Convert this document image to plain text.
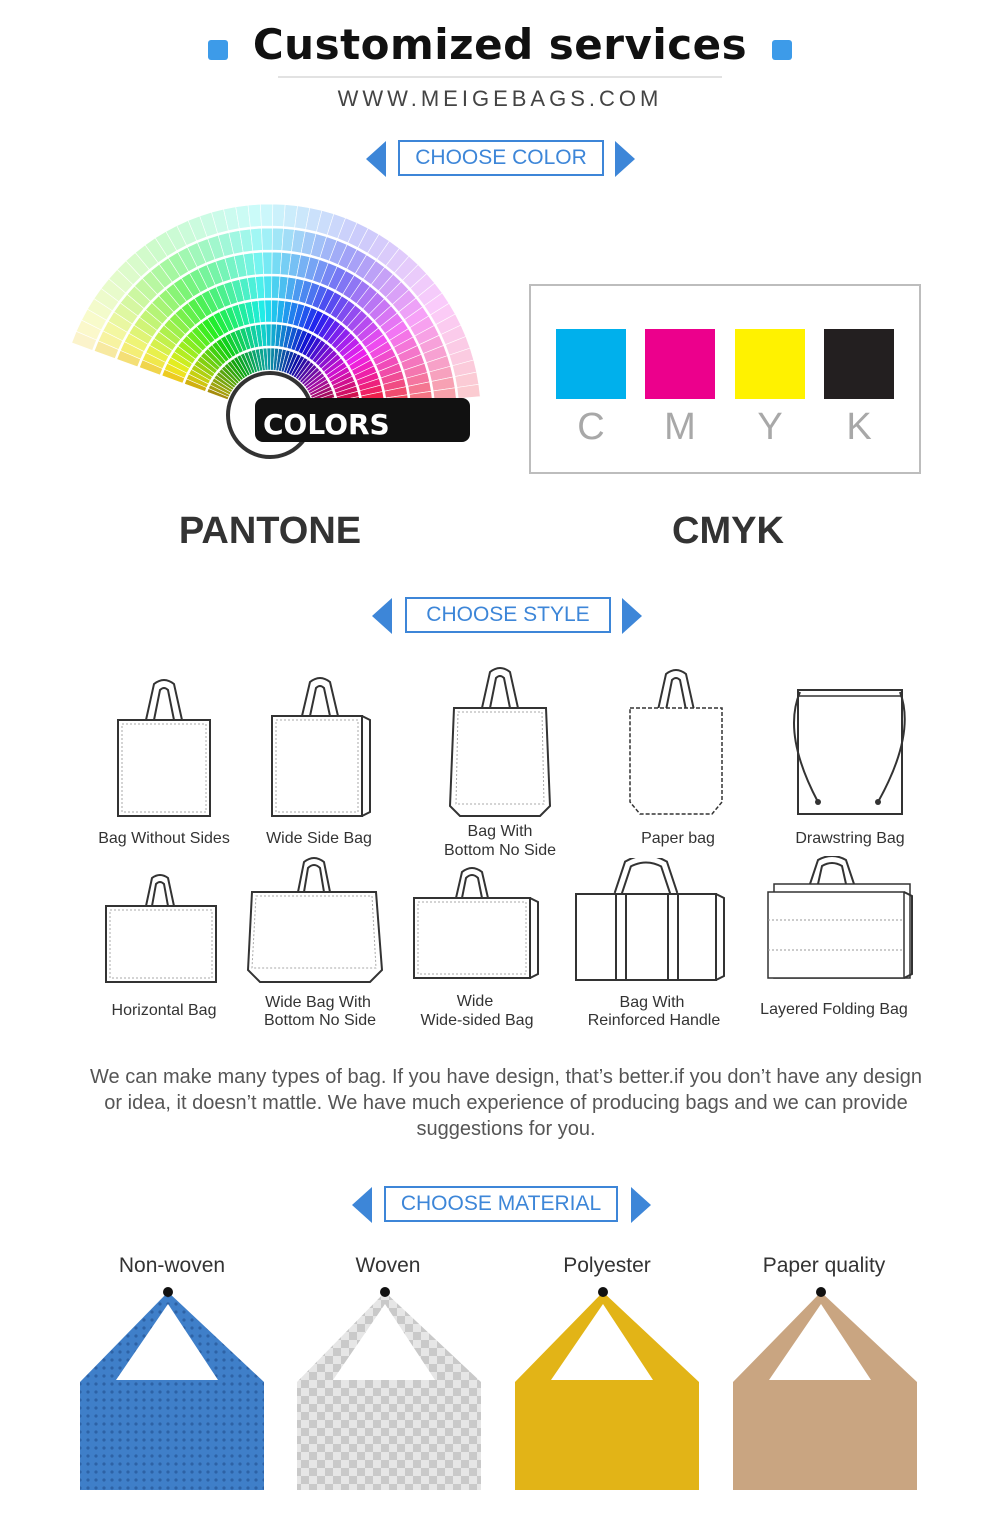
Customized services
WWW.MEIGEBAGS.COM
CHOOSE COLOR
COLORS
PANTONE
C	M	Y	K
CMYK
CHOOSE STYLE
Bag Without Sides	Wide Side Bag	Bag With
Bottom No Side
Paper bag	Drawstring Bag
Horizontal Bag	Wide Bag With
Bottom No Side
Wide
Wide-sided Bag
Bag With
Reinforced Handle
Layered Folding Bag
We can make many types of bag. If you have design, that’s better.if you don’t have any design or idea, it doesn’t mattle. We have much experience of producing bags and we can provide suggestions for you.
CHOOSE MATERIAL
Non-woven	Woven	Polyester	Paper quality
